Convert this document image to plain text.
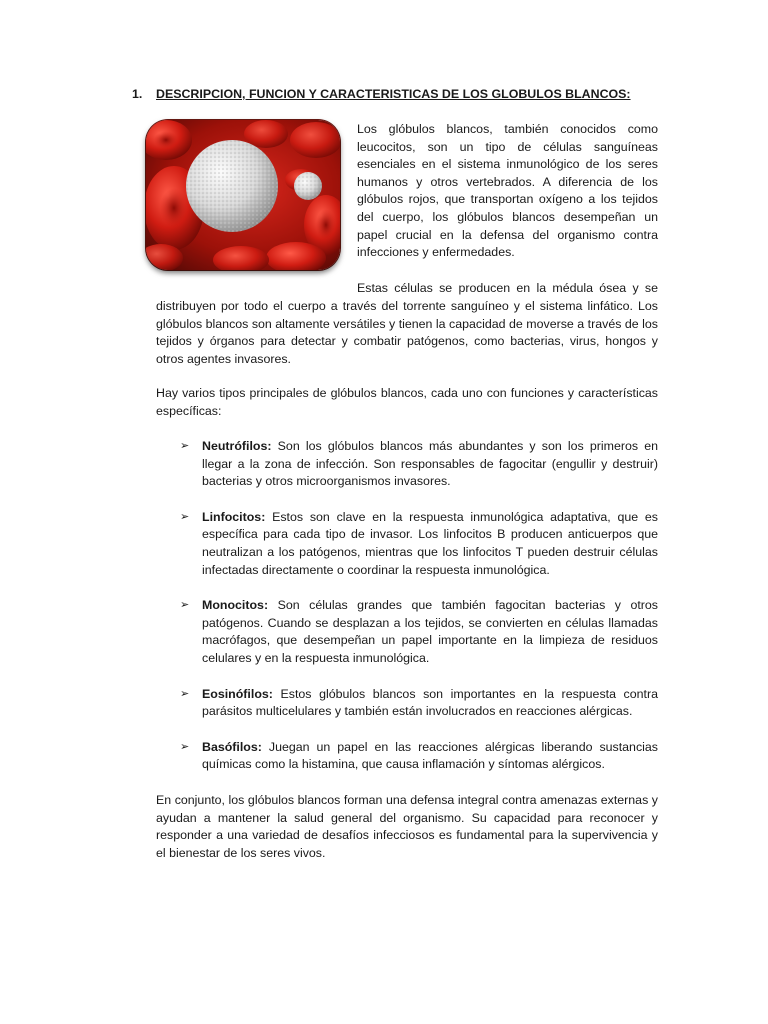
1. DESCRIPCION, FUNCION Y CARACTERISTICAS DE LOS GLOBULOS BLANCOS:

Los glóbulos blancos, también conocidos como leucocitos, son un tipo de células sanguíneas esenciales en el sistema inmunológico de los seres humanos y otros vertebrados. A diferencia de los glóbulos rojos, que transportan oxígeno a los tejidos del cuerpo, los glóbulos blancos desempeñan un papel crucial en la defensa del organismo contra infecciones y enfermedades.

Estas células se producen en la médula ósea y se

distribuyen por todo el cuerpo a través del torrente sanguíneo y el sistema linfático. Los glóbulos blancos son altamente versátiles y tienen la capacidad de moverse a través de los tejidos y órganos para detectar y combatir patógenos, como bacterias, virus, hongos y otros agentes invasores.

Hay varios tipos principales de glóbulos blancos, cada uno con funciones y características específicas:

➢ Neutrófilos: Son los glóbulos blancos más abundantes y son los primeros en llegar a la zona de infección. Son responsables de fagocitar (engullir y destruir) bacterias y otros microorganismos invasores.
➢ Linfocitos: Estos son clave en la respuesta inmunológica adaptativa, que es específica para cada tipo de invasor. Los linfocitos B producen anticuerpos que neutralizan a los patógenos, mientras que los linfocitos T pueden destruir células infectadas directamente o coordinar la respuesta inmunológica.
➢ Monocitos: Son células grandes que también fagocitan bacterias y otros patógenos. Cuando se desplazan a los tejidos, se convierten en células llamadas macrófagos, que desempeñan un papel importante en la limpieza de residuos celulares y en la respuesta inmunológica.
➢ Eosinófilos: Estos glóbulos blancos son importantes en la respuesta contra parásitos multicelulares y también están involucrados en reacciones alérgicas.
➢ Basófilos: Juegan un papel en las reacciones alérgicas liberando sustancias químicas como la histamina, que causa inflamación y síntomas alérgicos.

En conjunto, los glóbulos blancos forman una defensa integral contra amenazas externas y ayudan a mantener la salud general del organismo. Su capacidad para reconocer y responder a una variedad de desafíos infecciosos es fundamental para la supervivencia y el bienestar de los seres vivos.
